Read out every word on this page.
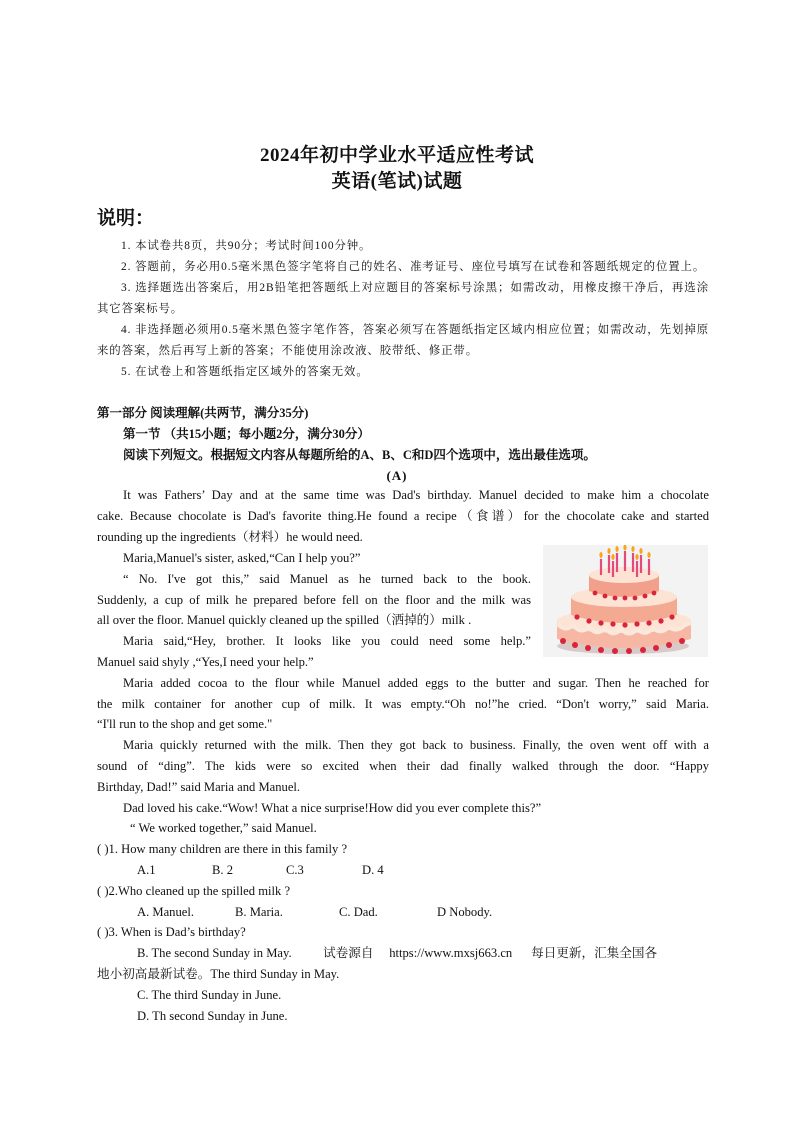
2024年初中学业水平适应性考试
英语(笔试)试题
说明：

1. 本试卷共8页，共90分；考试时间100分钟。

2. 答题前，务必用0.5毫米黑色签字笔将自己的姓名、准考证号、座位号填写在试卷和答题纸规定的位置上。

3. 选择题选出答案后，用2B铅笔把答题纸上对应题目的答案标号涂黑；如需改动，用橡皮擦干净后，再选涂其它答案标号。

4. 非选择题必须用0.5毫米黑色签字笔作答，答案必须写在答题纸指定区域内相应位置；如需改动，先划掉原来的答案，然后再写上新的答案；不能使用涂改液、胶带纸、修正带。

5. 在试卷上和答题纸指定区域外的答案无效。

第一部分 阅读理解(共两节，满分35分)
第一节 （共15小题；每小题2分，满分30分）
阅读下列短文。根据短文内容从每题所给的A、B、C和D四个选项中，选出最佳选项。
(A)
It was Fathers’ Day and at the same time was Dad's birthday. Manuel decided to make him a chocolate
cake. Because chocolate is Dad's favorite thing.He found a recipe（食谱）for the chocolate cake and started
rounding up the ingredients（材料）he would need.
Maria,Manuel's sister, asked,“Can I help you?”
“ No. I've got this,” said Manuel as he turned back to the book.
Suddenly, a cup of milk he prepared before fell on the floor and the milk was
all over the floor. Manuel quickly cleaned up the spilled（洒掉的）milk .
Maria said,“Hey, brother. It looks like you could need some help.”
Manuel said shyly ,“Yes,I need your help.”
Maria added cocoa to the flour while Manuel added eggs to the butter and sugar. Then he reached for
the milk container for another cup of milk. It was empty.“Oh no!”he cried. “Don't worry,” said Maria.
“I'll run to the shop and get some."
Maria quickly returned with the milk. Then they got back to business. Finally, the oven went off with a
sound of “ding”. The kids were so excited when their dad finally walked through the door. “Happy
Birthday, Dad!” said Maria and Manuel.
Dad loved his cake.“Wow! What a nice surprise!How did you ever complete this?”
“ We worked together,” said Manuel.
( )1. How many children are there in this family ?
A.1	B. 2	C.3	D. 4
( )2.Who cleaned up the spilled milk ?
A. Manuel.	B. Maria.	C. Dad.	D Nobody.
( )3. When is Dad’s birthday?
B. The second Sunday in May.          试卷源自     https://www.mxsj663.cn      每日更新，汇集全国各
地小初高最新试卷。The third Sunday in May.
C. The third Sunday in June.
D. Th second Sunday in June.
